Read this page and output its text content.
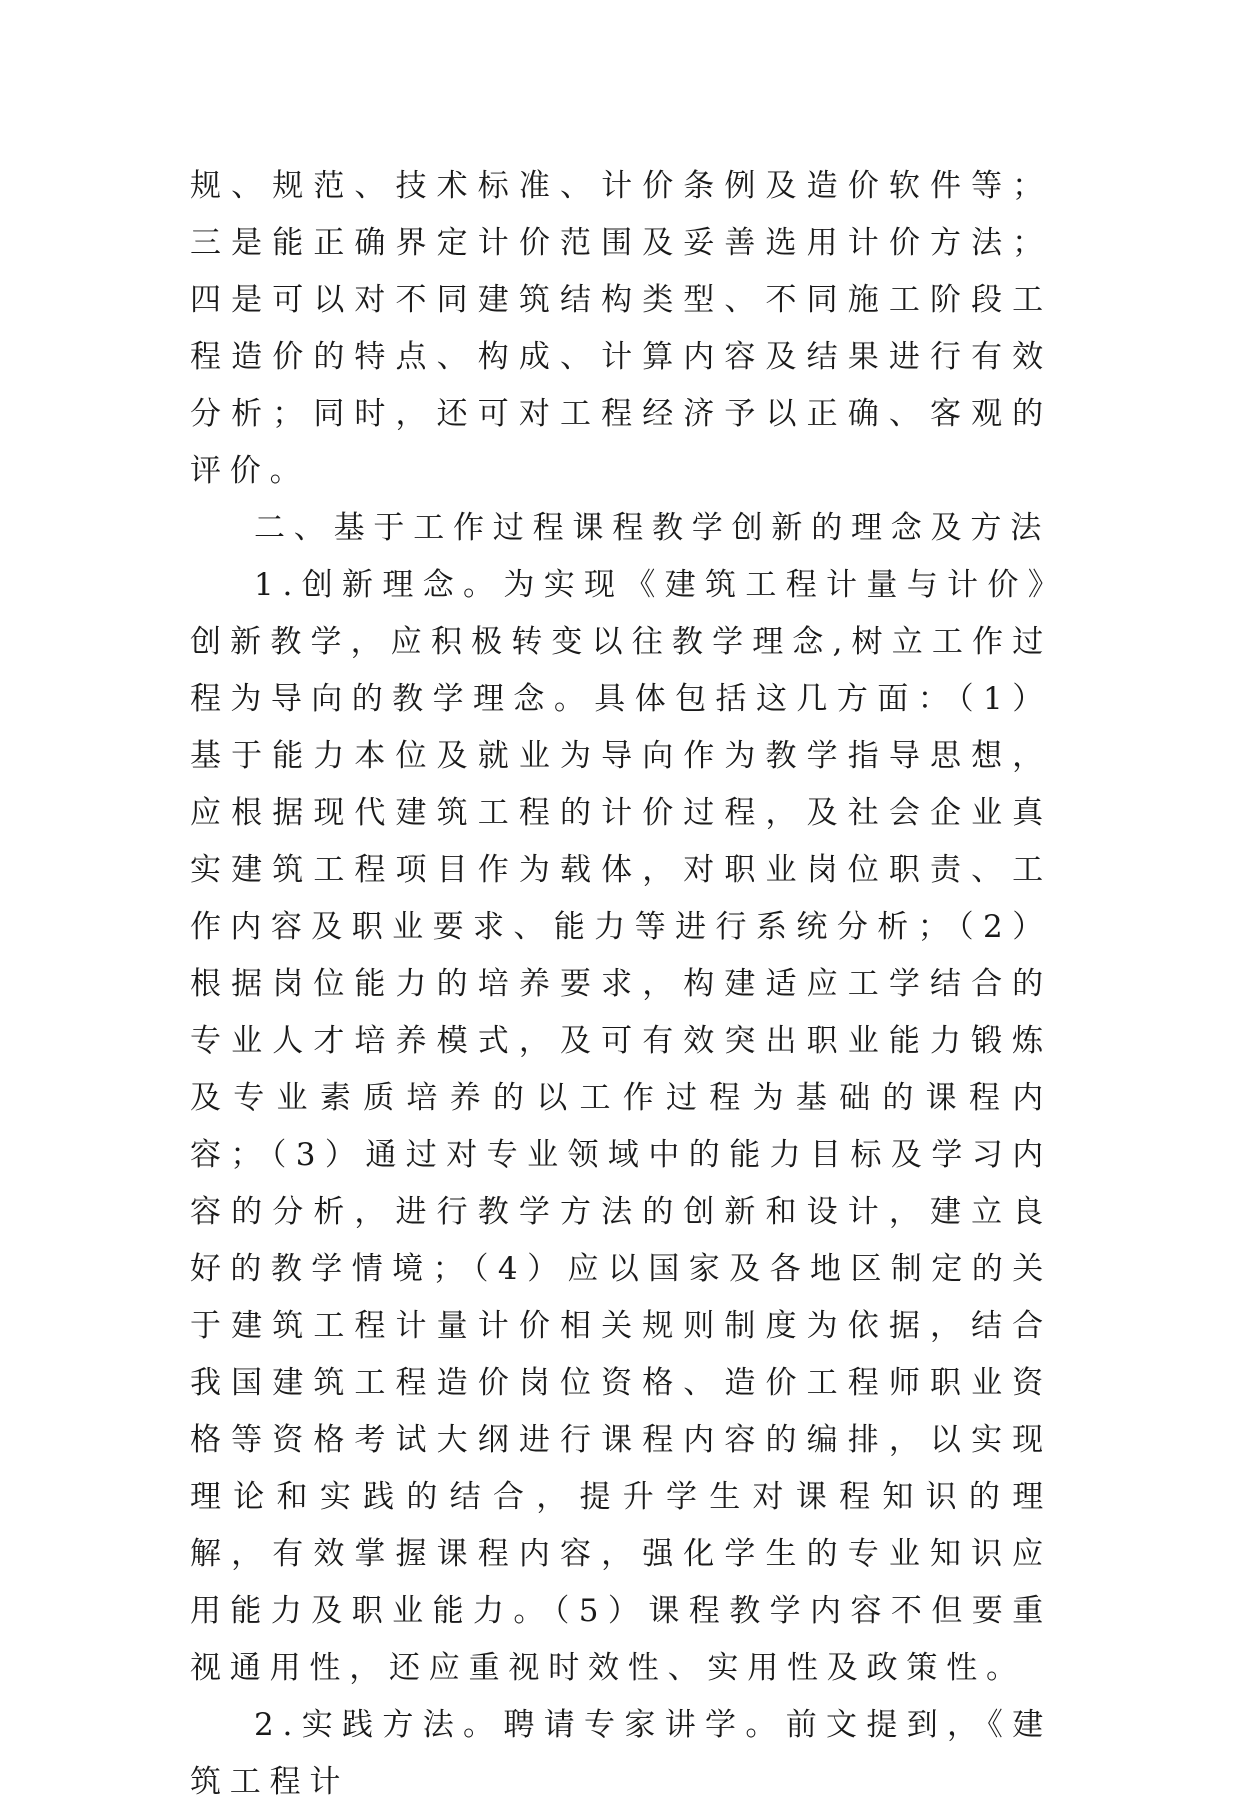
规、规范、技术标准、计价条例及造价软件等；三是能正确界定计价范围及妥善选用计价方法；四是可以对不同建筑结构类型、不同施工阶段工程造价的特点、构成、计算内容及结果进行有效分析；同时，还可对工程经济予以正确、客观的评价。

二、基于工作过程课程教学创新的理念及方法

1.创新理念。为实现《建筑工程计量与计价》创新教学，应积极转变以往教学理念,树立工作过程为导向的教学理念。具体包括这几方面：（1）基于能力本位及就业为导向作为教学指导思想，应根据现代建筑工程的计价过程，及社会企业真实建筑工程项目作为载体，对职业岗位职责、工作内容及职业要求、能力等进行系统分析；（2）根据岗位能力的培养要求，构建适应工学结合的专业人才培养模式，及可有效突出职业能力锻炼及专业素质培养的以工作过程为基础的课程内容；（3）通过对专业领域中的能力目标及学习内容的分析，进行教学方法的创新和设计，建立良好的教学情境；（4）应以国家及各地区制定的关于建筑工程计量计价相关规则制度为依据，结合我国建筑工程造价岗位资格、造价工程师职业资格等资格考试大纲进行课程内容的编排，以实现理论和实践的结合，提升学生对课程知识的理解，有效掌握课程内容，强化学生的专业知识应用能力及职业能力。（5）课程教学内容不但要重视通用性，还应重视时效性、实用性及政策性。

2.实践方法。聘请专家讲学。前文提到，《建筑工程计
